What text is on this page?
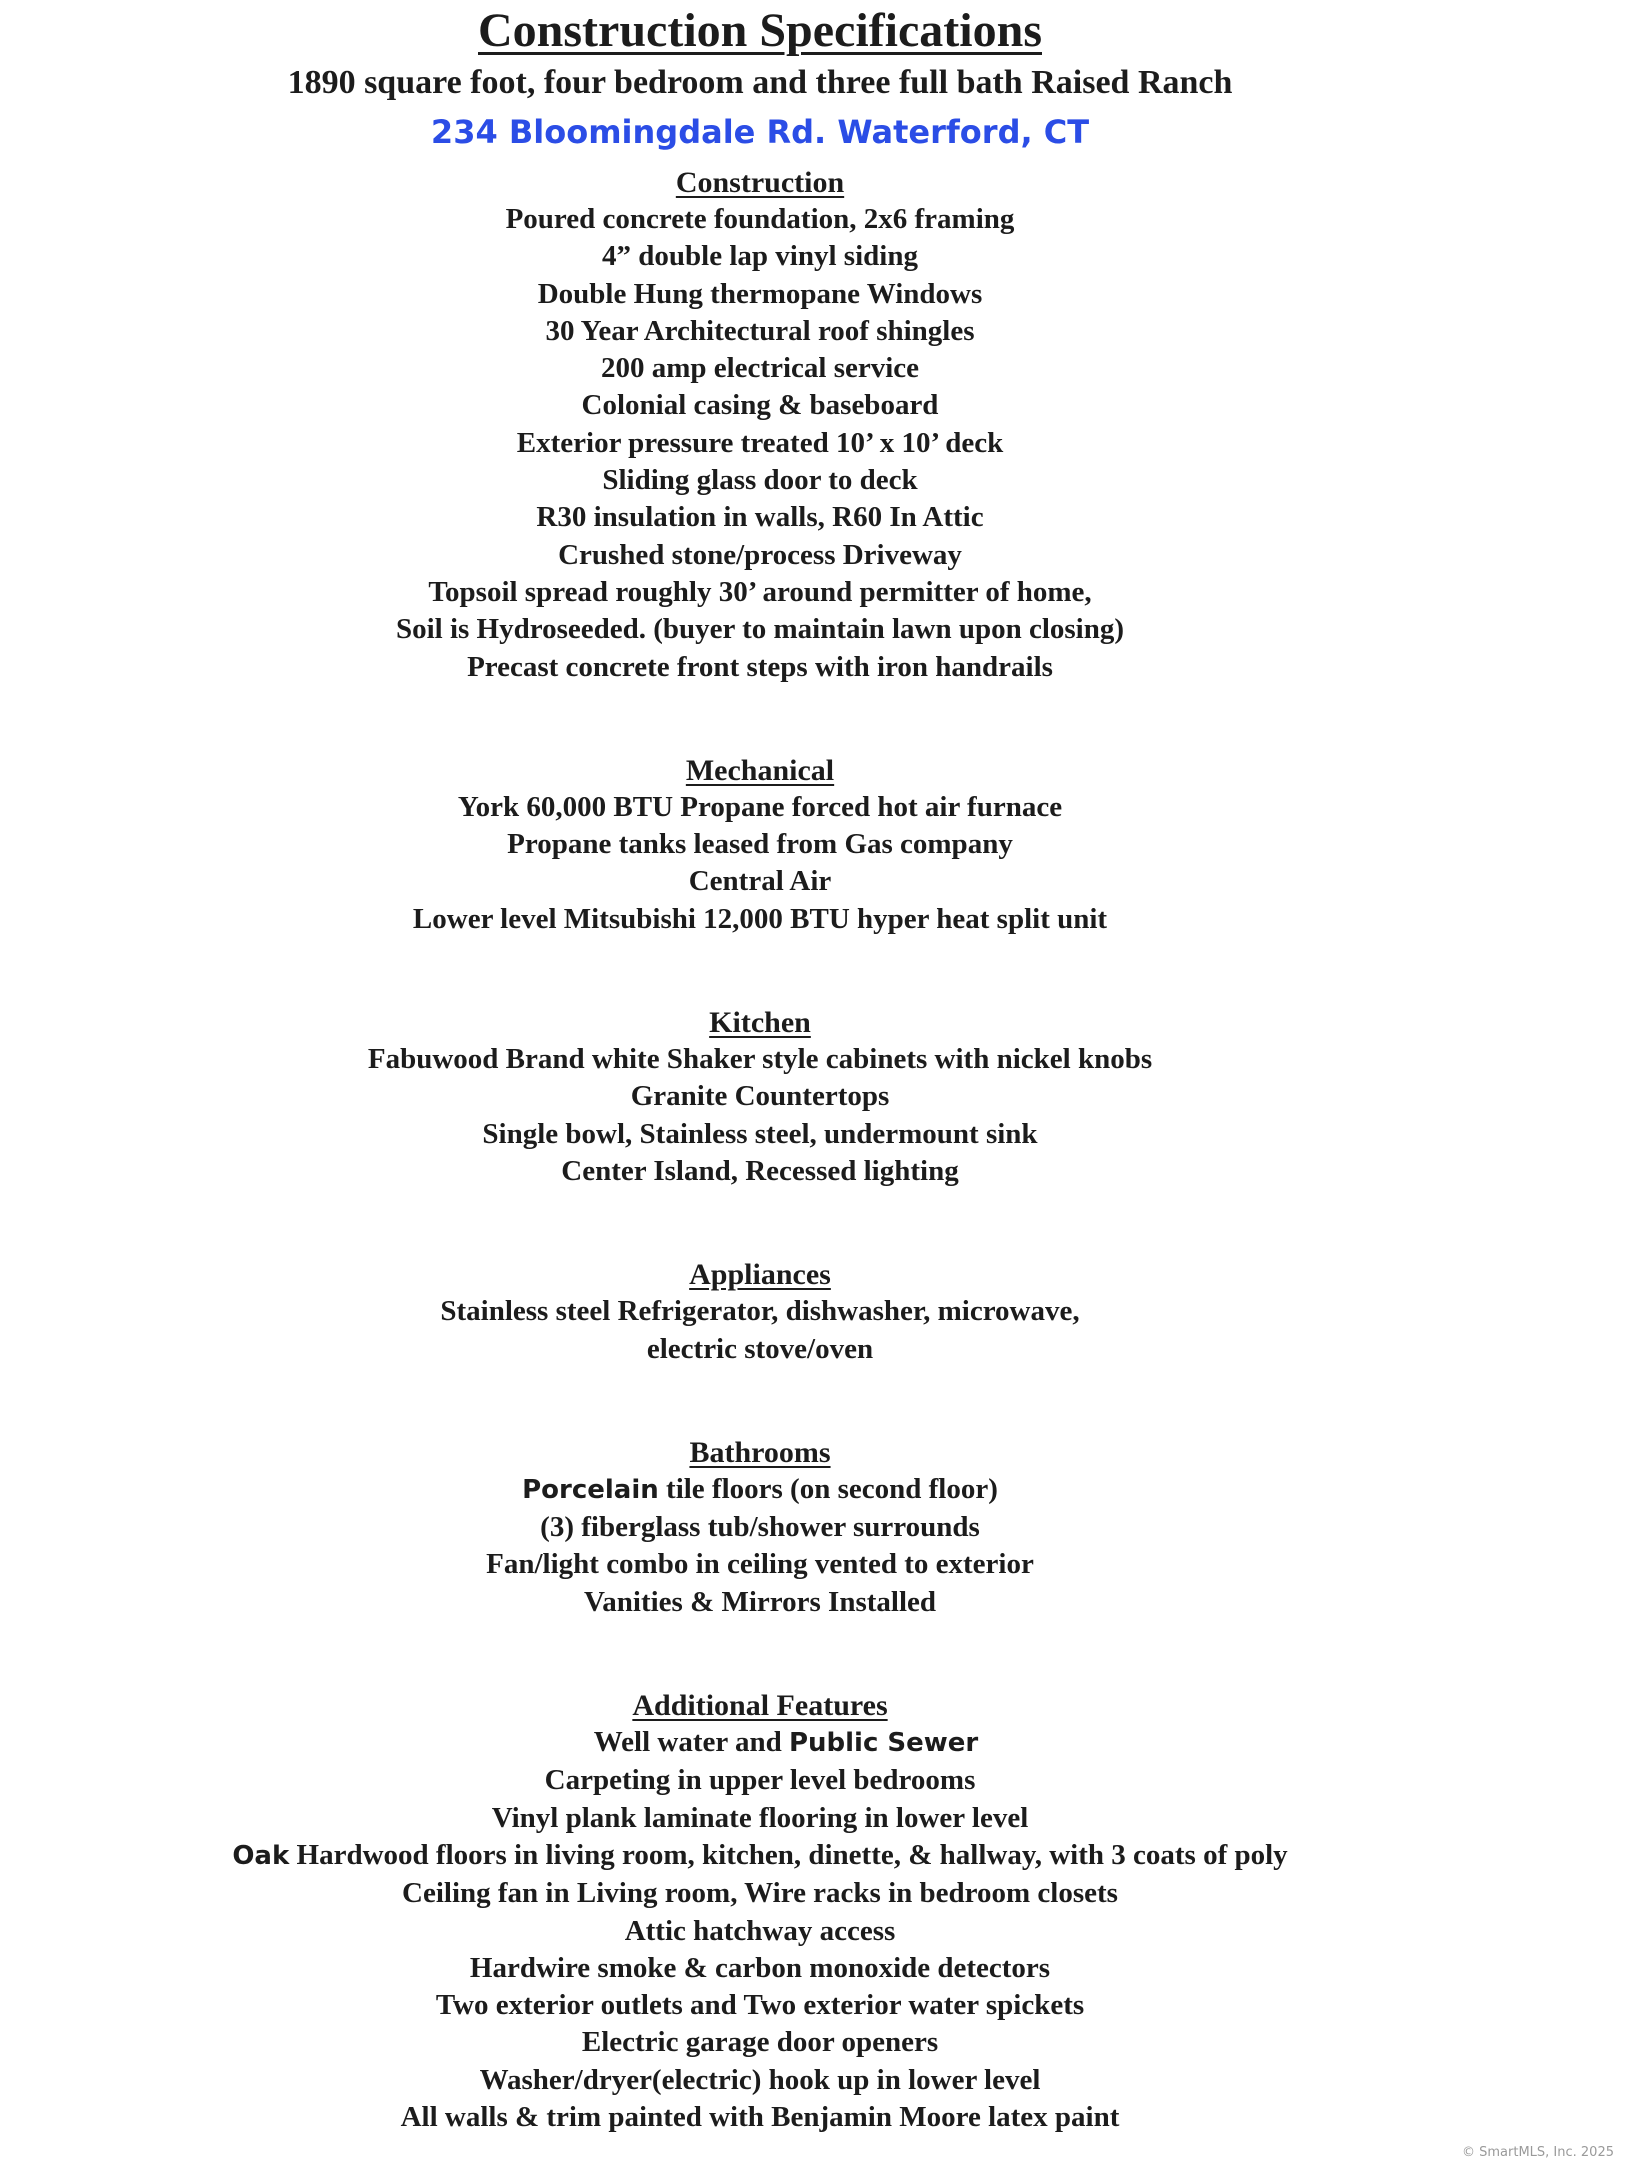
Construction Specifications

1890 square foot, four bedroom and three full bath Raised Ranch

234 Bloomingdale Rd. Waterford, CT

Construction

Poured concrete foundation, 2x6 framing

4” double lap vinyl siding

Double Hung thermopane Windows

30 Year Architectural roof shingles

200 amp electrical service

Colonial casing & baseboard

Exterior pressure treated 10’ x 10’ deck

Sliding glass door to deck

R30 insulation in walls, R60 In Attic

Crushed stone/process Driveway

Topsoil spread roughly 30’ around permitter of home,

Soil is Hydroseeded. (buyer to maintain lawn upon closing)

Precast concrete front steps with iron handrails

Mechanical

York 60,000 BTU Propane forced hot air furnace

Propane tanks leased from Gas company

Central Air

Lower level Mitsubishi 12,000 BTU hyper heat split unit

Kitchen

Fabuwood Brand white Shaker style cabinets with nickel knobs

Granite Countertops

Single bowl, Stainless steel, undermount sink

Center Island, Recessed lighting

Appliances

Stainless steel Refrigerator, dishwasher, microwave,

electric stove/oven

Bathrooms

Porcelain tile floors (on second floor)

(3) fiberglass tub/shower surrounds

Fan/light combo in ceiling vented to exterior

Vanities & Mirrors Installed

Additional Features

Well water and Public Sewer

Carpeting in upper level bedrooms

Vinyl plank laminate flooring in lower level

Oak Hardwood floors in living room, kitchen, dinette, & hallway, with 3 coats of poly

Ceiling fan in Living room, Wire racks in bedroom closets

Attic hatchway access

Hardwire smoke & carbon monoxide detectors

Two exterior outlets and Two exterior water spickets

Electric garage door openers

Washer/dryer(electric) hook up in lower level

All walls & trim painted with Benjamin Moore latex paint

© SmartMLS, Inc. 2025
